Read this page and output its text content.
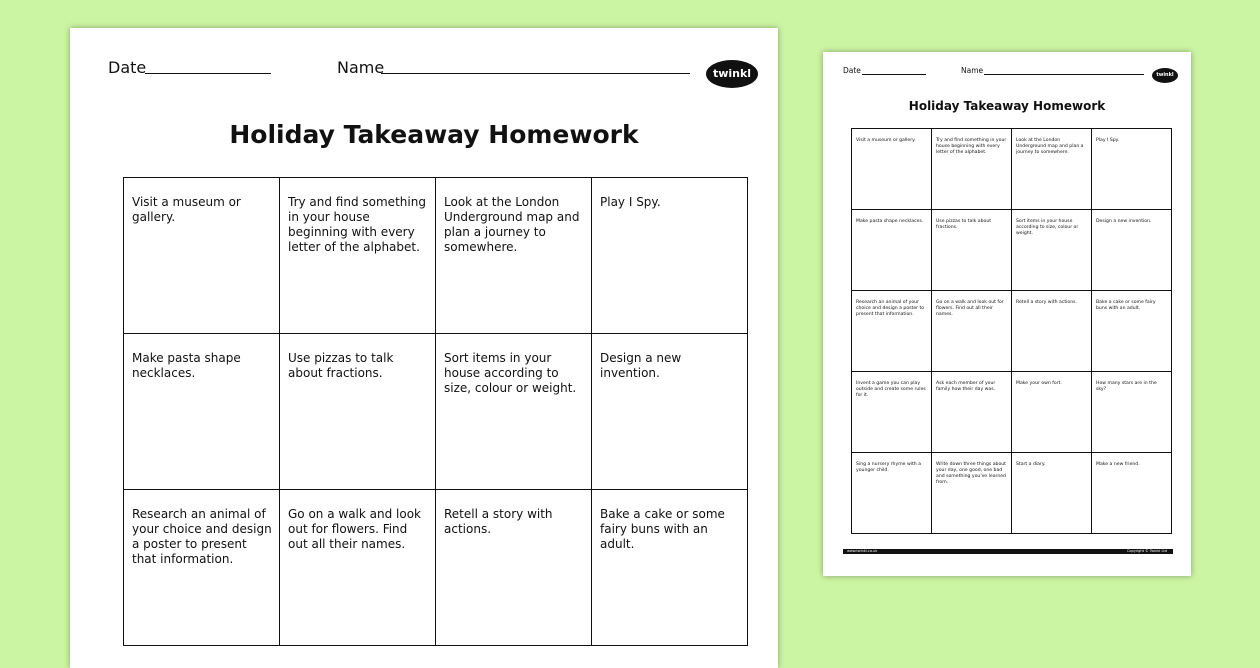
Date	Name	twinkl
Holiday Takeaway Homework
Visit a museum or gallery.	Try and find something in your house beginning with every letter of the alphabet.	Look at the London Underground map and plan a journey to somewhere.	Play I Spy.

Make pasta shape necklaces.	Use pizzas to talk about fractions.	Sort items in your house according to size, colour or weight.	Design a new invention.

Research an animal of your choice and design a poster to present that information.	Go on a walk and look out for flowers. Find out all their names.	Retell a story with actions.	Bake a cake or some fairy buns with an adult.
Date	Name	twinkl
Holiday Takeaway Homework
Visit a museum or gallery.	Try and find something in your house beginning with every letter of the alphabet.	Look at the London Underground map and plan a journey to somewhere.	Play I Spy.

Make pasta shape necklaces.	Use pizzas to talk about fractions.	Sort items in your house according to size, colour or weight.	Design a new invention.

Research an animal of your choice and design a poster to present that information.	Go on a walk and look out for flowers. Find out all their names.	Retell a story with actions.	Bake a cake or some fairy buns with an adult.

Invent a game you can play outside and create some rules for it.	Ask each member of your family how their day was.	Make your own fort.	How many stars are in the sky?

Sing a nursery rhyme with a younger child.	Write down three things about your day, one good, one bad and something you've learned from.	Start a diary.	Make a new friend.
www.twinkl.co.uk	Copyright © Twinkl Ltd
